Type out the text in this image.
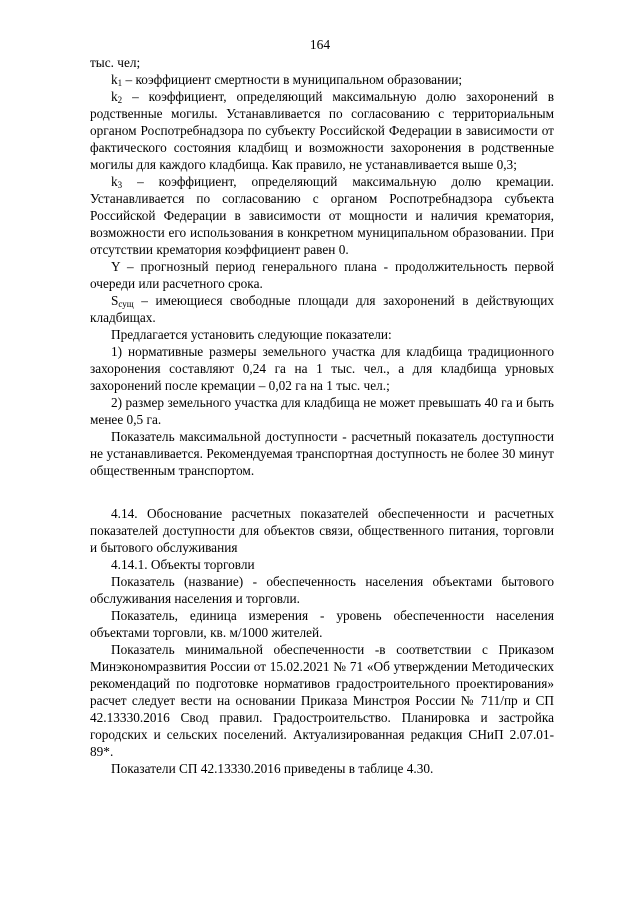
164

тыс. чел;

$k_1$ – коэффициент смертности в муниципальном образовании;

$k_2$ – коэффициент, определяющий максимальную долю захоронений в родственные могилы. Устанавливается по согласованию с территориальным органом Роспотребнадзора по субъекту Российской Федерации в зависимости от фактического состояния кладбищ и возможности захоронения в родственные могилы для каждого кладбища. Как правило, не устанавливается выше 0,3;

$k_3$ – коэффициент, определяющий максимальную долю кремации. Устанавливается по согласованию с органом Роспотребнадзора субъекта Российской Федерации в зависимости от мощности и наличия крематория, возможности его использования в конкретном муниципальном образовании. При отсутствии крематория коэффициент равен 0.

Y – прогнозный период генерального плана - продолжительность первой очереди или расчетного срока.

$S_{сущ}$ – имеющиеся свободные площади для захоронений в действующих кладбищах.

Предлагается установить следующие показатели:

1) нормативные размеры земельного участка для кладбища традиционного захоронения составляют 0,24 га на 1 тыс. чел., а для кладбища урновых захоронений после кремации – 0,02 га на 1 тыс. чел.;

2) размер земельного участка для кладбища не может превышать 40 га и быть менее 0,5 га.

Показатель максимальной доступности - расчетный показатель доступности не устанавливается. Рекомендуемая транспортная доступность не более 30 минут общественным транспортом.

4.14. Обоснование расчетных показателей обеспеченности и расчетных показателей доступности для объектов связи, общественного питания, торговли и бытового обслуживания

4.14.1. Объекты торговли

Показатель (название) - обеспеченность населения объектами бытового обслуживания населения и торговли.

Показатель, единица измерения - уровень обеспеченности населения объектами торговли, кв. м/1000 жителей.

Показатель минимальной обеспеченности -в соответствии с Приказом Минэкономразвития России от 15.02.2021 № 71 «Об утверждении Методических рекомендаций по подготовке нормативов градостроительного проектирования» расчет следует вести на основании Приказа Минстроя России № 711/пр и СП 42.13330.2016 Свод правил. Градостроительство. Планировка и застройка городских и сельских поселений. Актуализированная редакция СНиП 2.07.01-89*.

Показатели СП 42.13330.2016 приведены в таблице 4.30.
